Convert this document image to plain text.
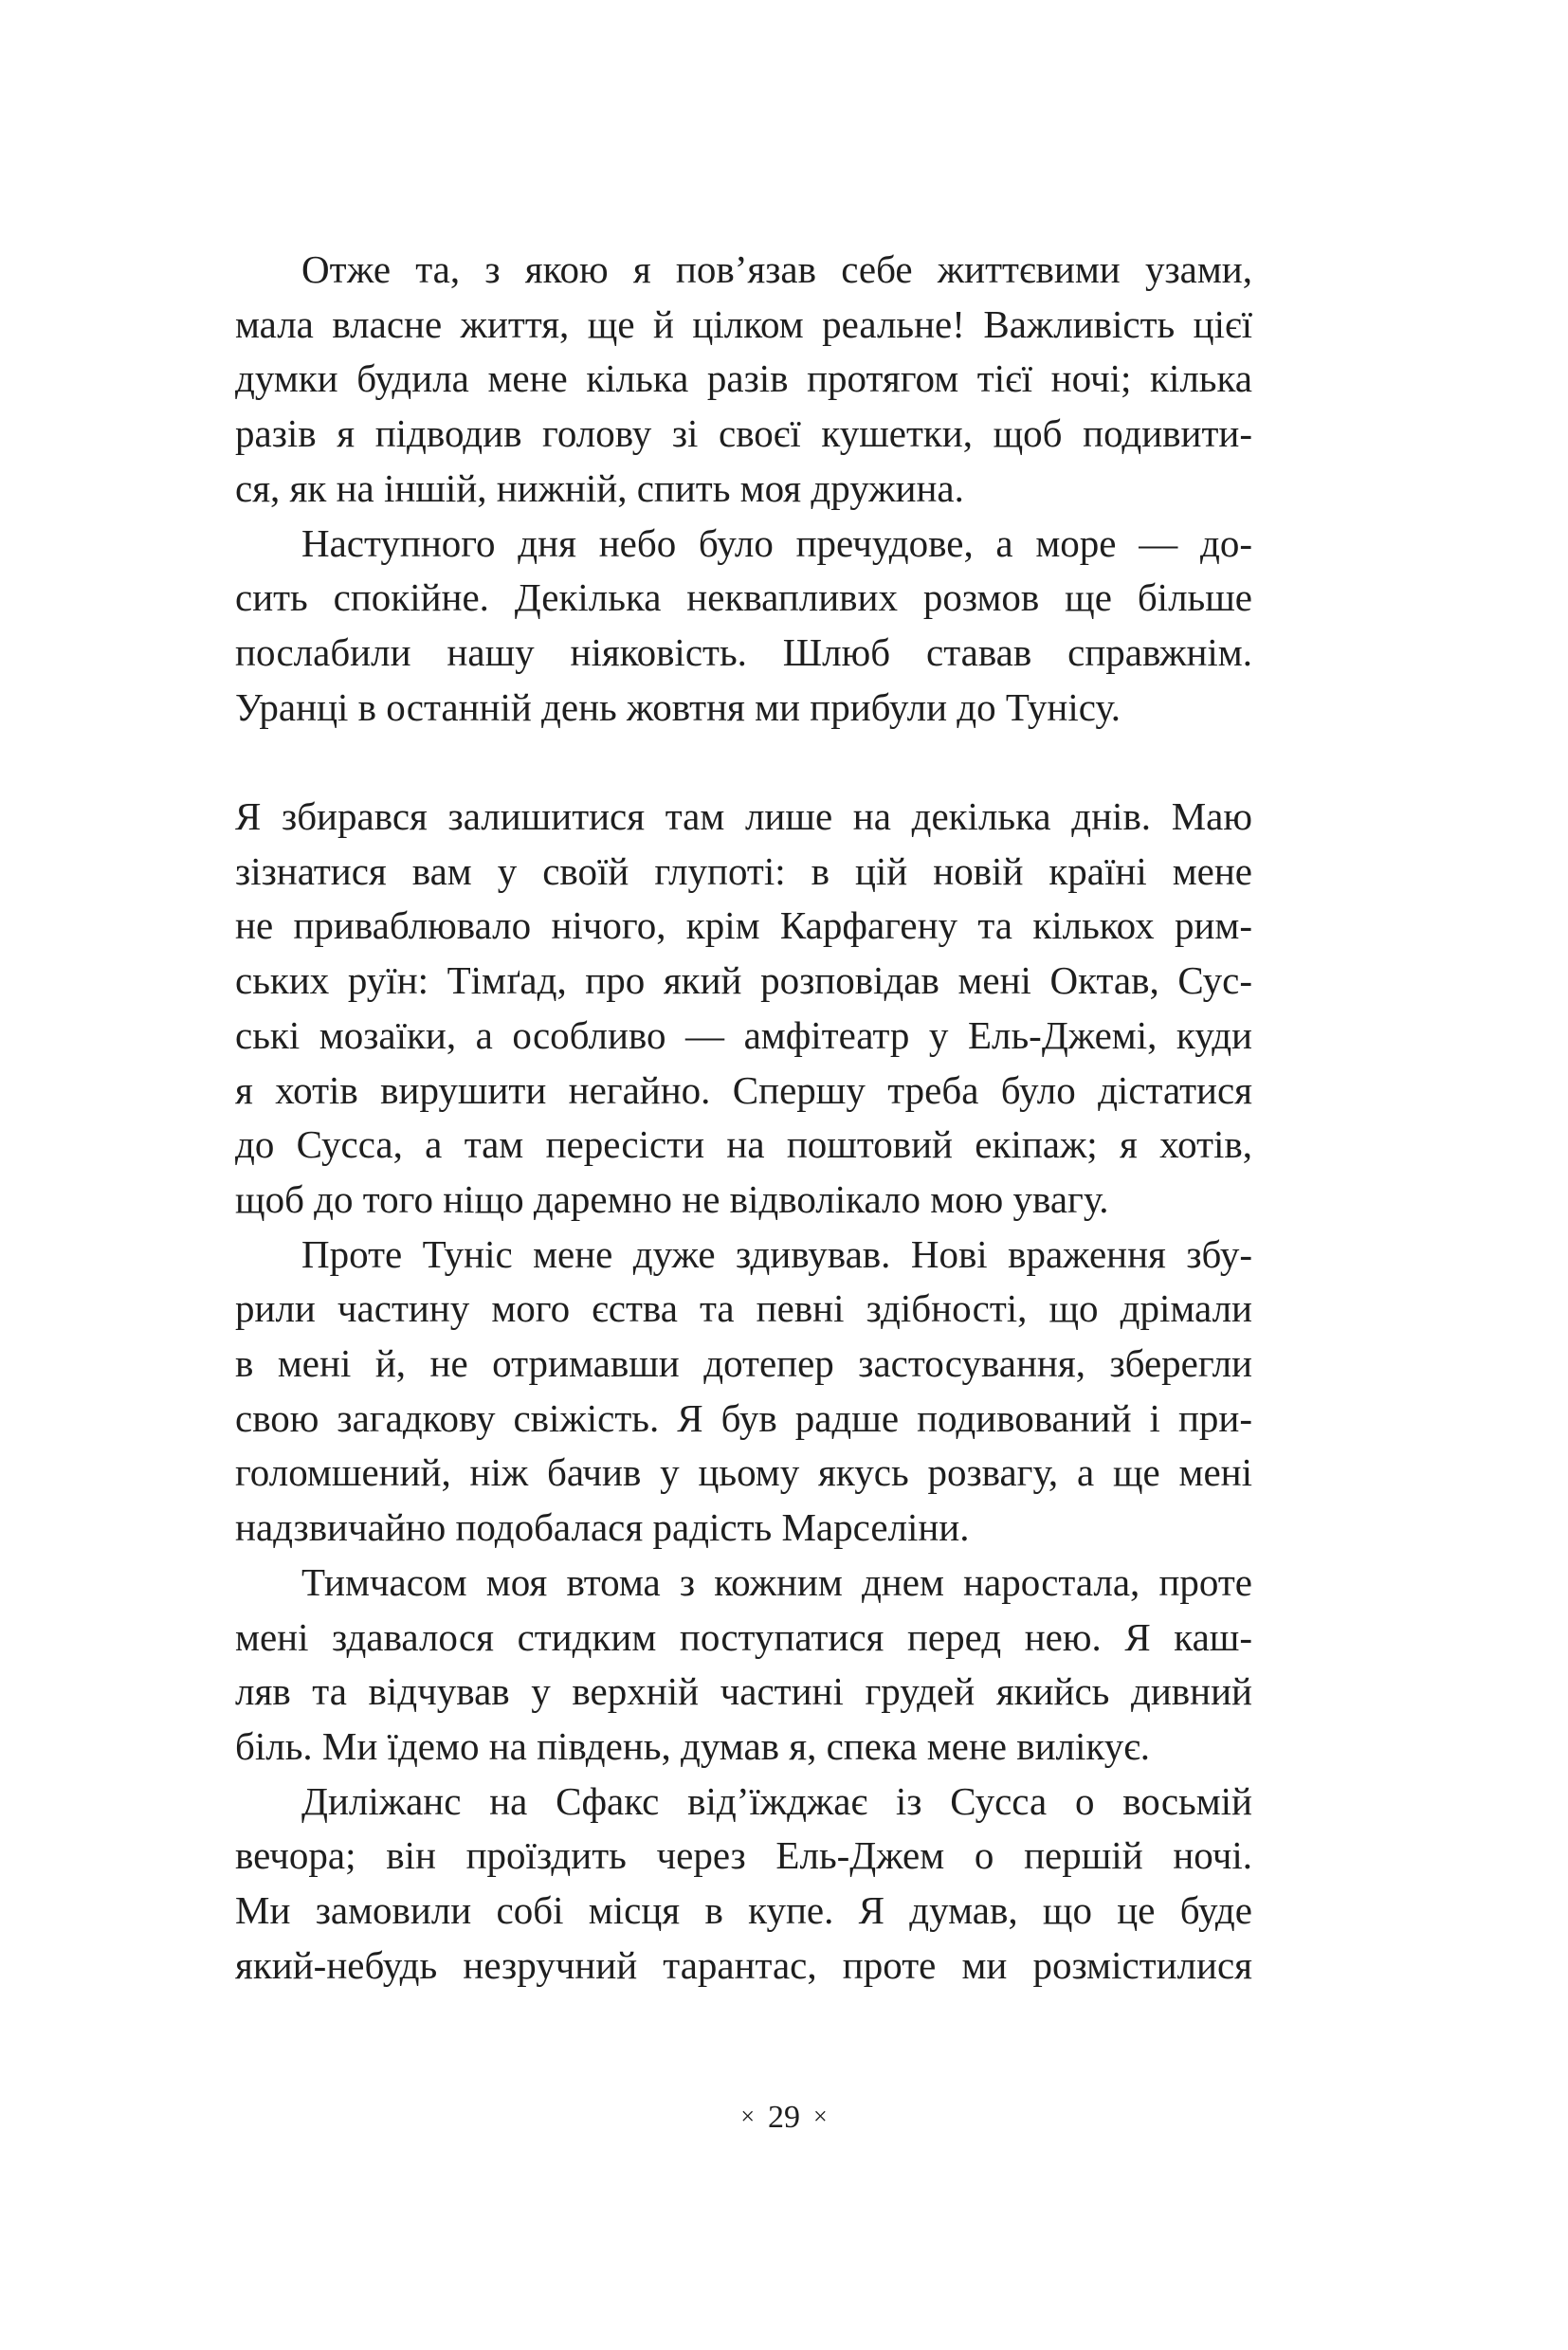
Отже та, з якою я пов’язав себе життєвими узами,
мала власне життя, ще й цілком реальне! Важливість цієї
думки будила мене кілька разів протягом тієї ночі; кілька
разів я підводив голову зі своєї кушетки, щоб подивити-
ся, як на іншій, нижній, спить моя дружина.
Наступного дня небо було пречудове, а море — до-
сить спокійне. Декілька неквапливих розмов ще більше
послабили нашу ніяковість. Шлюб ставав справжнім.
Уранці в останній день жовтня ми прибули до Тунісу.
Я збирався залишитися там лише на декілька днів. Маю
зізнатися вам у своїй глупоті: в цій новій країні мене
не приваблювало нічого, крім Карфагену та кількох рим-
ських руїн: Тімґад, про який розповідав мені Октав, Сус-
ські мозаїки, а особливо — амфітеатр у Ель-Джемі, куди
я хотів вирушити негайно. Спершу треба було дістатися
до Сусса, а там пересісти на поштовий екіпаж; я хотів,
щоб до того ніщо даремно не відволікало мою увагу.
Проте Туніс мене дуже здивував. Нові враження збу-
рили частину мого єства та певні здібності, що дрімали
в мені й, не отримавши дотепер застосування, зберегли
свою загадкову свіжість. Я був радше подивований і при-
голомшений, ніж бачив у цьому якусь розвагу, а ще мені
надзвичайно подобалася радість Марселіни.
Тимчасом моя втома з кожним днем наростала, проте
мені здавалося стидким поступатися перед нею. Я каш-
ляв та відчував у верхній частині грудей якийсь дивний
біль. Ми їдемо на південь, думав я, спека мене вилікує.
Диліжанс на Сфакс від’їжджає із Сусса о восьмій
вечора; він проїздить через Ель-Джем о першій ночі.
Ми замовили собі місця в купе. Я думав, що це буде
який-небудь незручний тарантас, проте ми розмістилися
× 29 ×
